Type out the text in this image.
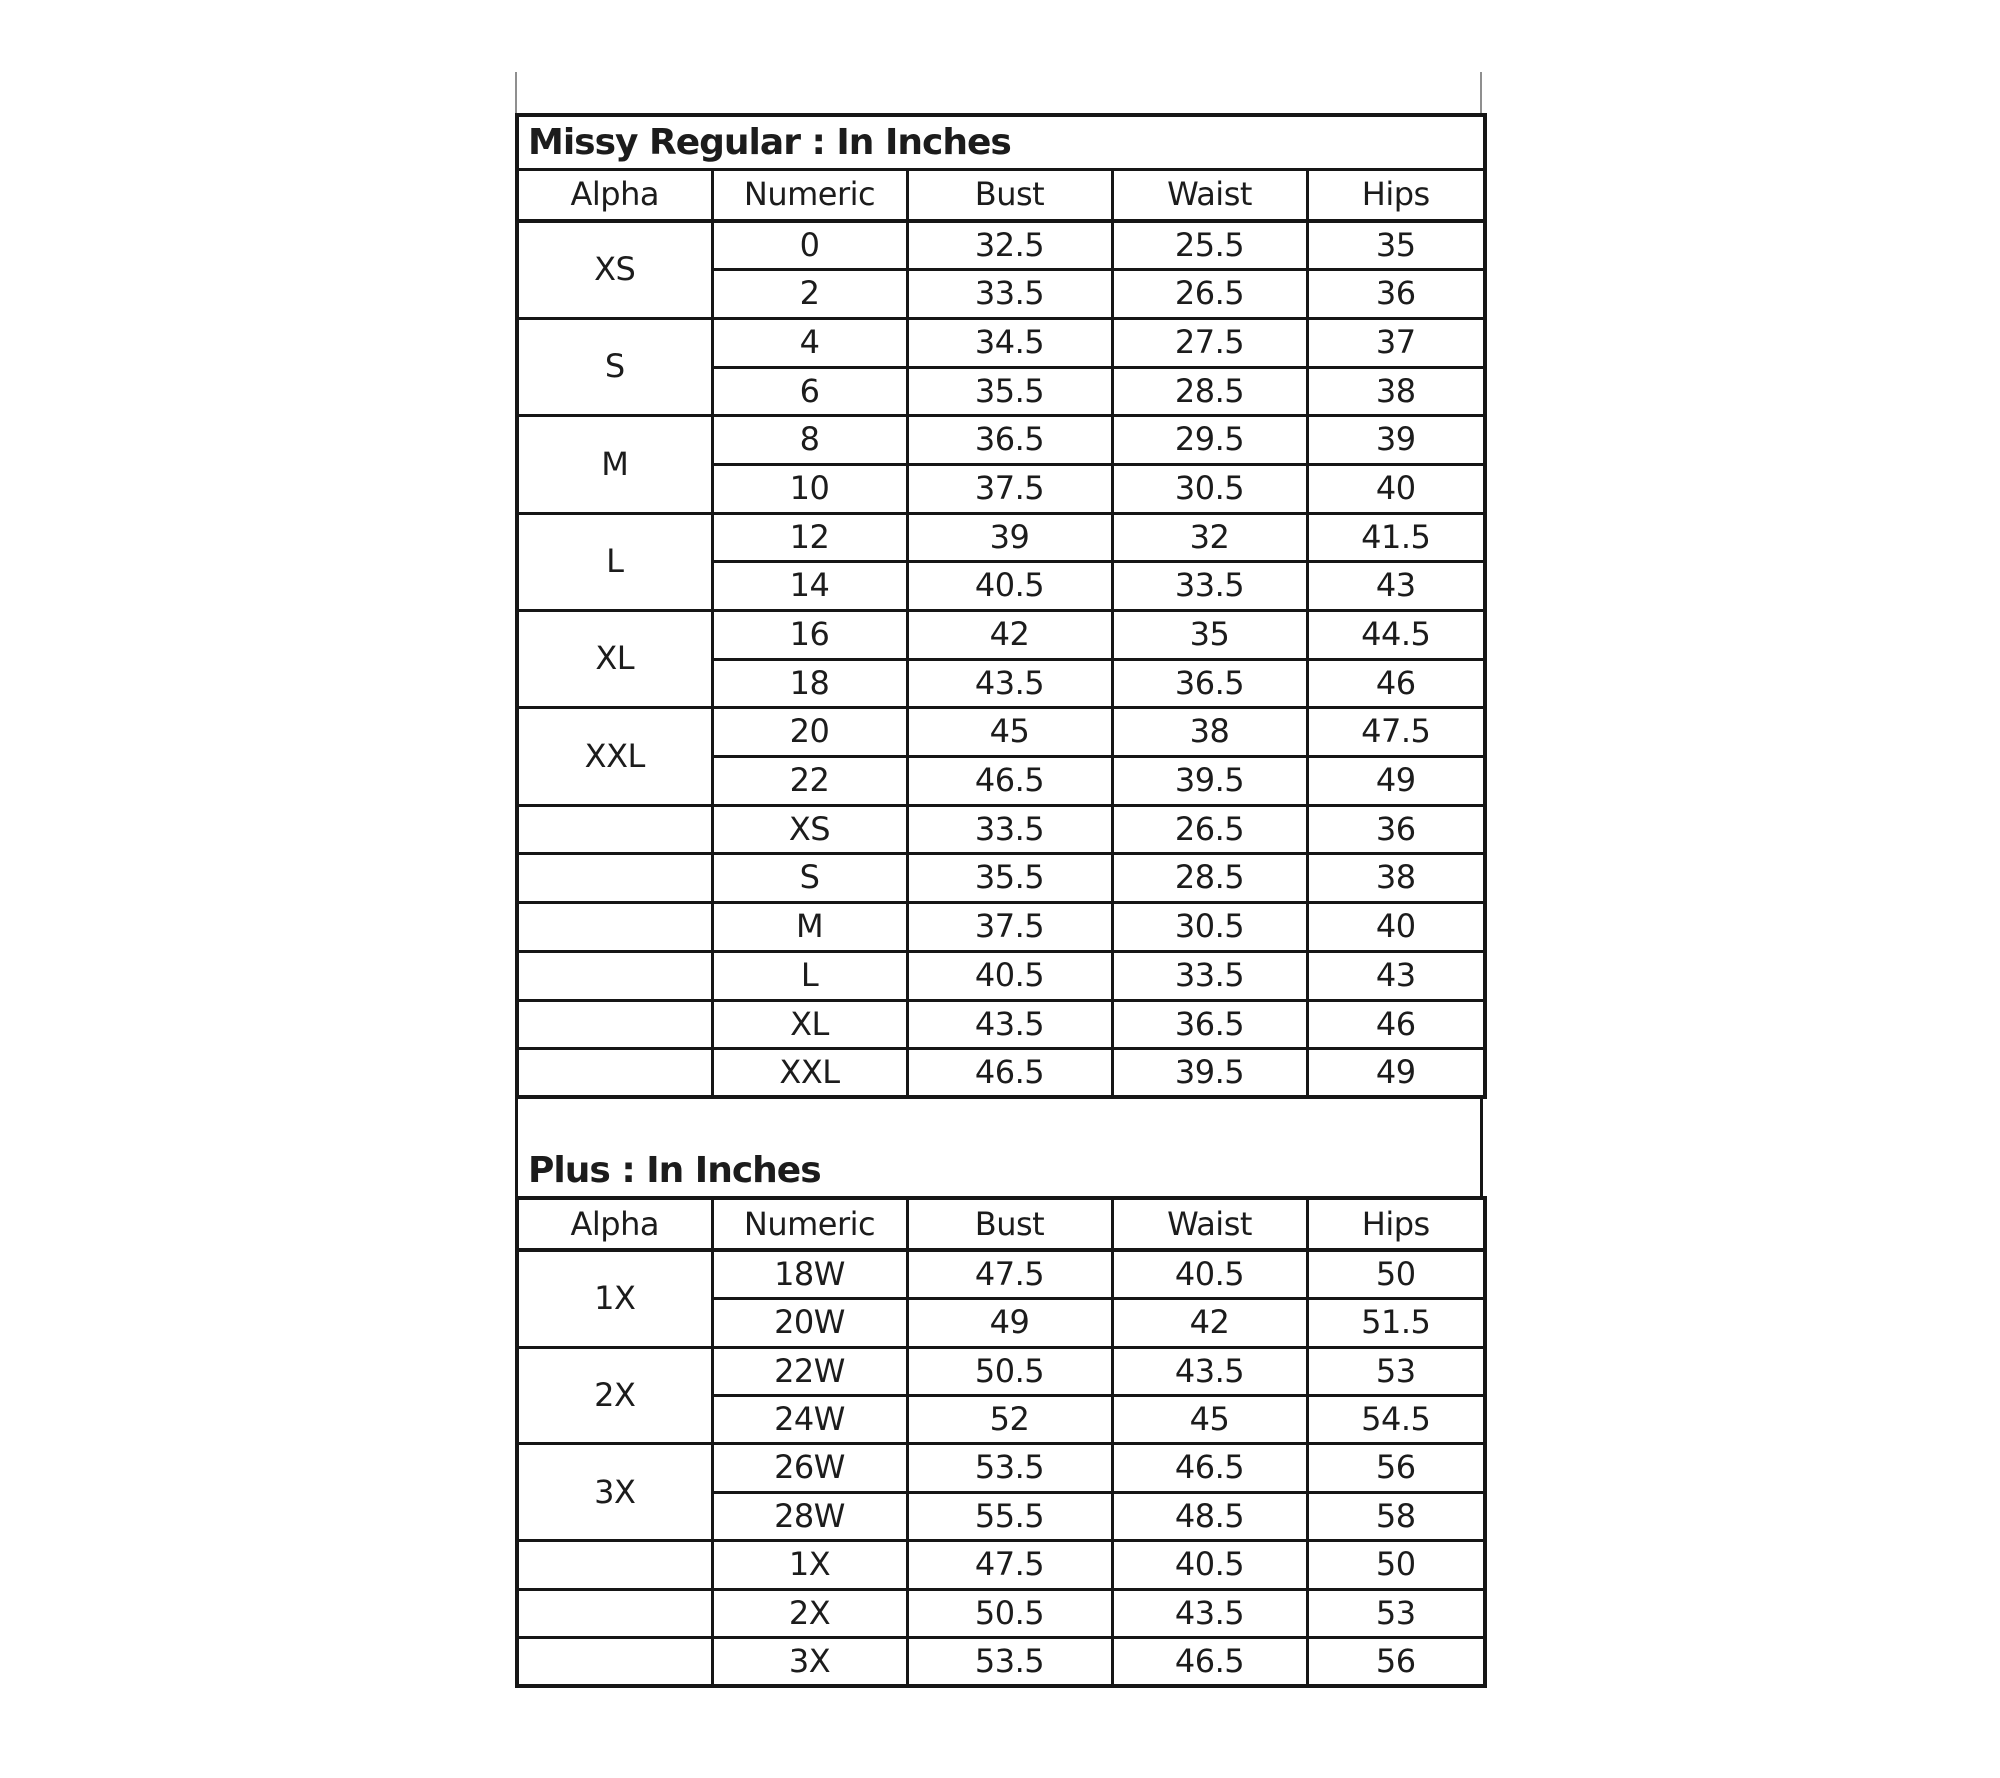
Missy Regular : In Inches				
Alpha	Numeric	Bust	Waist	Hips
XS	0	32.5	25.5	35
	2	33.5	26.5	36
S	4	34.5	27.5	37
	6	35.5	28.5	38
M	8	36.5	29.5	39
	10	37.5	30.5	40
L	12	39	32	41.5
	14	40.5	33.5	43
XL	16	42	35	44.5
	18	43.5	36.5	46
XXL	20	45	38	47.5
	22	46.5	39.5	49
	XS	33.5	26.5	36
	S	35.5	28.5	38
	M	37.5	30.5	40
	L	40.5	33.5	43
	XL	43.5	36.5	46
	XXL	46.5	39.5	49
Plus : In Inches
Alpha	Numeric	Bust	Waist	Hips
1X	18W	47.5	40.5	50
	20W	49	42	51.5
2X	22W	50.5	43.5	53
	24W	52	45	54.5
3X	26W	53.5	46.5	56
	28W	55.5	48.5	58
	1X	47.5	40.5	50
	2X	50.5	43.5	53
	3X	53.5	46.5	56
